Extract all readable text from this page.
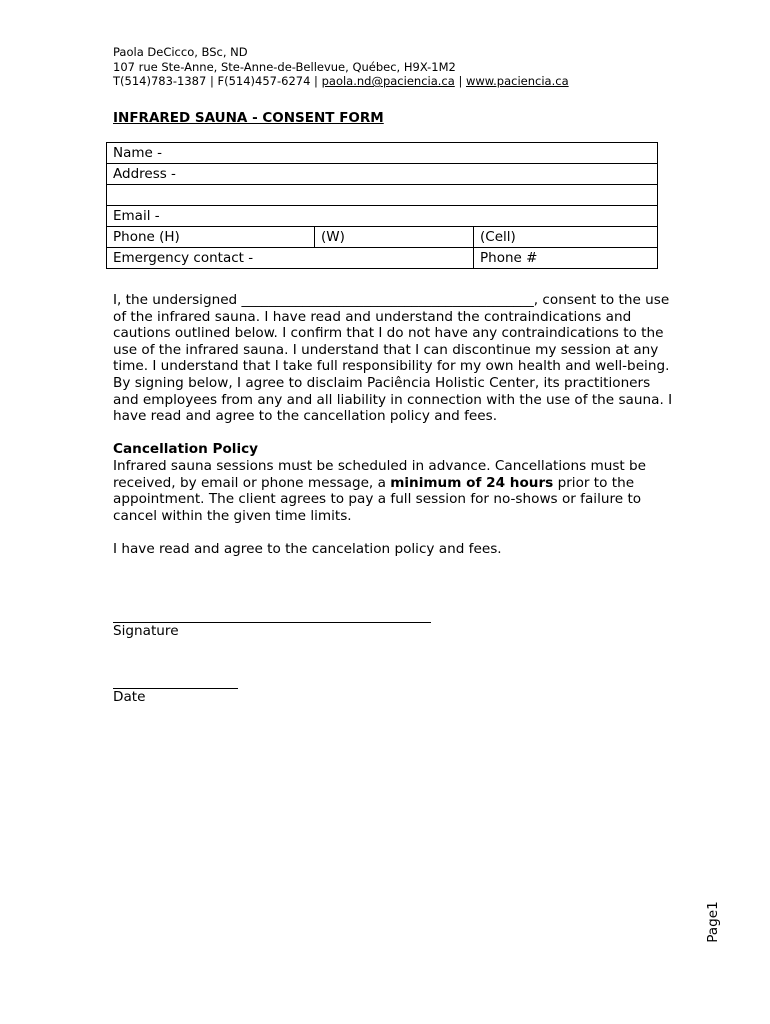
Paola DeCicco, BSc, ND
107 rue Ste-Anne, Ste-Anne-de-Bellevue, Québec, H9X-1M2
T(514)783-1387 | F(514)457-6274 | paola.nd@paciencia.ca | www.paciencia.ca
INFRARED SAUNA - CONSENT FORM
Name -		
Address -		

Email -		
Phone (H)	(W)	(Cell)
Emergency contact -		Phone #

I, the undersigned ___________________________________________, consent to the use of the infrared sauna. I have read and understand the contraindications and cautions outlined below. I confirm that I do not have any contraindications to the use of the infrared sauna. I understand that I can discontinue my session at any time. I understand that I take full responsibility for my own health and well-being. By signing below, I agree to disclaim Paciência Holistic Center, its practitioners and employees from any and all liability in connection with the use of the sauna. I have read and agree to the cancellation policy and fees.

Cancellation Policy

Infrared sauna sessions must be scheduled in advance. Cancellations must be received, by email or phone message, a minimum of 24 hours prior to the appointment. The client agrees to pay a full session for no-shows or failure to cancel within the given time limits.

I have read and agree to the cancelation policy and fees.

Signature
Date
Page1
